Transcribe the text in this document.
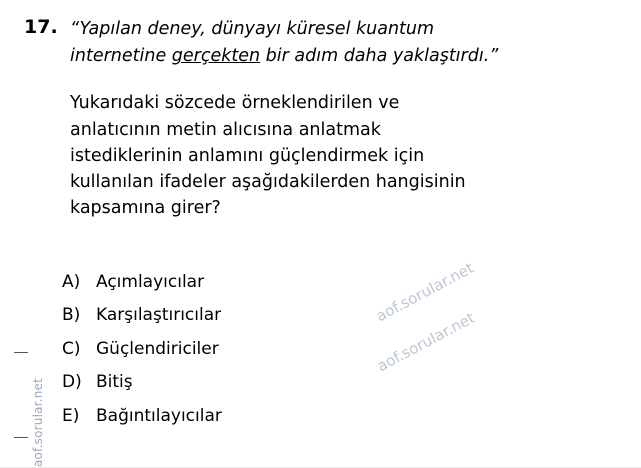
aof.sorular.net
aof.soruIar.net
aof.soruIar.net
17. “Yapılan deney, dünyayı küresel kuantum
internetine gerçekten bir adım daha yaklaştırdı.”

Yukarıdaki sözcede örneklendirilen ve
anlatıcının metin alıcısına anlatmak
istediklerinin anlamını güçlendirmek için
kullanılan ifadeler aşağıdakilerden hangisinin
kapsamına girer?

A) Açımlayıcılar
B) Karşılaştırıcılar
C) Güçlendiriciler
D) Bitiş
E) Bağıntılayıcılar
